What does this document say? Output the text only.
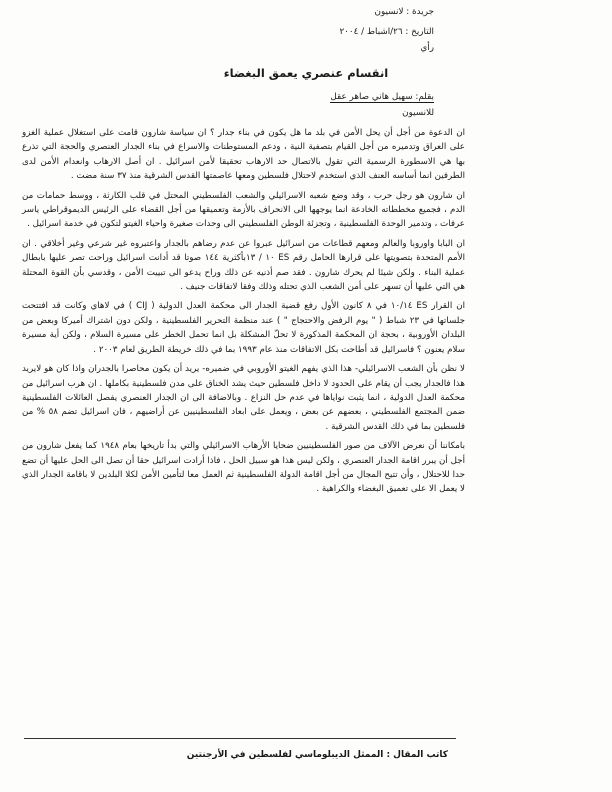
جريدة : لانسيون
التاريخ : ٢٦/اشباط / ٢٠٠٤
رأي
انقسام عنصري يعمق البغضاء
بقلم: سهيل هاني صاهر عقل
للانسيون

ان الدعوة من أجل أن يحل الأمن في بلد ما هل يكون في بناء جدار ؟ ان سياسة شارون قامت على استغلال عملية الغزو على العراق وتدميره من أجل القيام بتصفية النية ، ودعم المستوطنات والاسراع في بناء الجدار العنصري والحجة التي تذرع بها هي الاسطورة الرسمية التي تقول بالاتصال حد الارهاب تحقيقا لأمن اسرائيل . ان أصل الارهاب وانعدام الأمن لدى الطرفين انما أساسه العنف الذي استخدم لاحتلال فلسطين ومعها عاصمتها القدس الشرقية منذ ٣٧ سنة مضت .

ان شارون هو رجل حرب ، وقد وضع شعبه الاسرائيلي والشعب الفلسطيني المحتل في قلب الكارثة ، ووسط حمامات من الدم ، فجميع مخططاته الخادعة انما يوجهها الى الانحراف بالأزمة وتعميقها من أجل القضاء على الرئيس الديموقراطي ياسر عرفات ، وتدمير الوحدة الفلسطينية ، وتجزئة الوطن الفلسطيني الى وحدات صغيرة واحياء الغيتو لتكون في خدمة اسرائيل .

ان البابا واوروبا والعالم ومعهم قطاعات من اسرائيل عبروا عن عدم رضاهم بالجدار واعتبروه غير شرعي وغير أخلاقي . ان الأمم المتحدة بتصويتها على قرارها الحامل رقم ES ١٠ / ١٣بأكثرية ١٤٤ صوتا قد أدانت اسرائيل وراحت تصر عليها بابطال عملية البناء . ولكن شيئا لم يحرك شارون . فقد صم أذنيه عن ذلك وراح يدعو الى تبييت الأمن ، وقدسي بأن القوة المحتلة هي التي عليها أن تسهر على أمن الشعب الذي تحتله وذلك وفقا لاتفاقات جنيف .

ان القرار ES ١٠/١٤ في ٨ كانون الأول رفع قضية الجدار الى محكمة العدل الدولية ( CIJ ) في لاهاي وكانت قد افتتحت جلساتها في ٢٣ شباط ( " يوم الرفض والاحتجاج " ) عند منظمة التحرير الفلسطينية ، ولكن دون اشتراك أميركا وبعض من البلدان الأوروبية ، بحجة ان المحكمة المذكورة لا تحلّ المشكلة بل انما تحمل الخطر على مسيرة السلام ، ولكن أية مسيرة سلام يعنون ؟ فاسرائيل قد أطاحت بكل الاتفاقات منذ عام ١٩٩٣ بما في ذلك خريطة الطريق لعام ٢٠٠٣ .

لا نظن بأن الشعب الاسرائيلي- هذا الذي يفهم الغيتو الأوروبي في ضميره- يريد أن يكون محاصرا بالجدران واذا كان هو لايريد هذا فالجدار يجب أن يقام على الحدود لا داخل فلسطين حيث يشد الخناق على مدن فلسطينية بكاملها . ان هرب اسرائيل من محكمة العدل الدولية ، انما يثبت نواياها في عدم حل النزاع . وبالاضافة الى ان الجدار العنصري يفصل العائلات الفلسطينية ضمن المجتمع الفلسطيني ، بعضهم عن بعض ، ويعمل على ابعاد الفلسطينيين عن أراضيهم ، فان اسرائيل تضم ٥٨ % من فلسطين بما في ذلك القدس الشرقية .

بامكاننا أن نعرض الآلاف من صور الفلسطينيين ضحايا الأرهاب الاسرائيلي والتي بدأ تاريخها بعام ١٩٤٨ كما يفعل شارون من أجل أن يبرر اقامة الجدار العنصري ، ولكن ليس هذا هو سبيل الحل ، فاذا أرادت اسرائيل حقا أن تصل الى الحل عليها أن تضع حدا للاحتلال ، وأن تتيح المجال من أجل اقامة الدولة الفلسطينية ثم العمل معا لتأمين الأمن لكلا البلدين لا باقامة الجدار الذي لا يعمل الا على تعميق البغضاء والكراهية .

كاتب المقال : الممثل الديبلوماسي لفلسطين في الأرجنتين
